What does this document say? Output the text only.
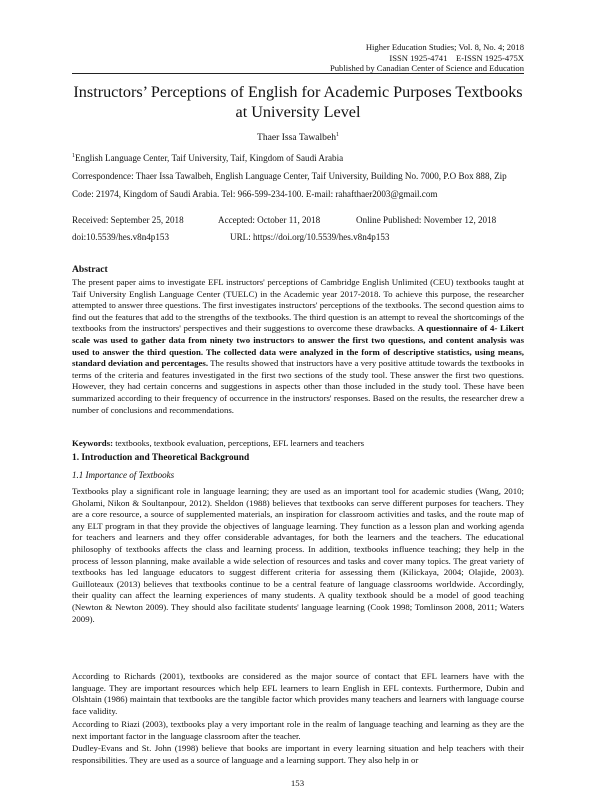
Higher Education Studies; Vol. 8, No. 4; 2018
ISSN 1925-4741    E-ISSN 1925-475X
Published by Canadian Center of Science and Education
Instructors’ Perceptions of English for Academic Purposes Textbooks at University Level
Thaer Issa Tawalbeh$^1$
$^1$English Language Center, Taif University, Taif, Kingdom of Saudi Arabia
Correspondence: Thaer Issa Tawalbeh, English Language Center, Taif University, Building No. 7000, P.O Box 888, Zip Code: 21974, Kingdom of Saudi Arabia. Tel: 966-599-234-100. E-mail: rahafthaer2003@gmail.com
Received: September 25, 2018	Accepted: October 11, 2018	Online Published: November 12, 2018
doi:10.5539/hes.v8n4p153	URL: https://doi.org/10.5539/hes.v8n4p153
Abstract
The present paper aims to investigate EFL instructors' perceptions of Cambridge English Unlimited (CEU) textbooks taught at Taif University English Language Center (TUELC) in the Academic year 2017-2018. To achieve this purpose, the researcher attempted to answer three questions. The first investigates instructors' perceptions of the textbooks. The second question aims to find out the features that add to the strengths of the textbooks. The third question is an attempt to reveal the shortcomings of the textbooks from the instructors' perspectives and their suggestions to overcome these drawbacks. A questionnaire of 4- Likert scale was used to gather data from ninety two instructors to answer the first two questions, and content analysis was used to answer the third question. The collected data were analyzed in the form of descriptive statistics, using means, standard deviation and percentages. The results showed that instructors have a very positive attitude towards the textbooks in terms of the criteria and features investigated in the first two sections of the study tool. These answer the first two questions. However, they had certain concerns and suggestions in aspects other than those included in the study tool. These have been summarized according to their frequency of occurrence in the instructors' responses. Based on the results, the researcher drew a number of conclusions and recommendations.
Keywords: textbooks, textbook evaluation, perceptions, EFL learners and teachers
1. Introduction and Theoretical Background
1.1 Importance of Textbooks
Textbooks play a significant role in language learning; they are used as an important tool for academic studies (Wang, 2010; Gholami, Nikon & Soultanpour, 2012). Sheldon (1988) believes that textbooks can serve different purposes for teachers. They are a core resource, a source of supplemented materials, an inspiration for classroom activities and tasks, and the route map of any ELT program in that they provide the objectives of language learning. They function as a lesson plan and working agenda for teachers and learners and they offer considerable advantages, for both the learners and the teachers. The educational philosophy of textbooks affects the class and learning process. In addition, textbooks influence teaching; they help in the process of lesson planning, make available a wide selection of resources and tasks and cover many topics. The great variety of textbooks has led language educators to suggest different criteria for assessing them (Kilickaya, 2004; Olajide, 2003). Guilloteaux (2013) believes that textbooks continue to be a central feature of language classrooms worldwide. Accordingly, their quality can affect the learning experiences of many students. A quality textbook should be a model of good teaching (Newton & Newton 2009). They should also facilitate students' language learning (Cook 1998; Tomlinson 2008, 2011; Waters 2009).
According to Richards (2001), textbooks are considered as the major source of contact that EFL learners have with the language. They are important resources which help EFL learners to learn English in EFL contexts. Furthermore, Dubin and Olshtain (1986) maintain that textbooks are the tangible factor which provides many teachers and learners with language course face validity.
According to Riazi (2003), textbooks play a very important role in the realm of language teaching and learning as they are the next important factor in the language classroom after the teacher.
Dudley-Evans and St. John (1998) believe that books are important in every learning situation and help teachers with their responsibilities. They are used as a source of language and a learning support. They also help in or
153
